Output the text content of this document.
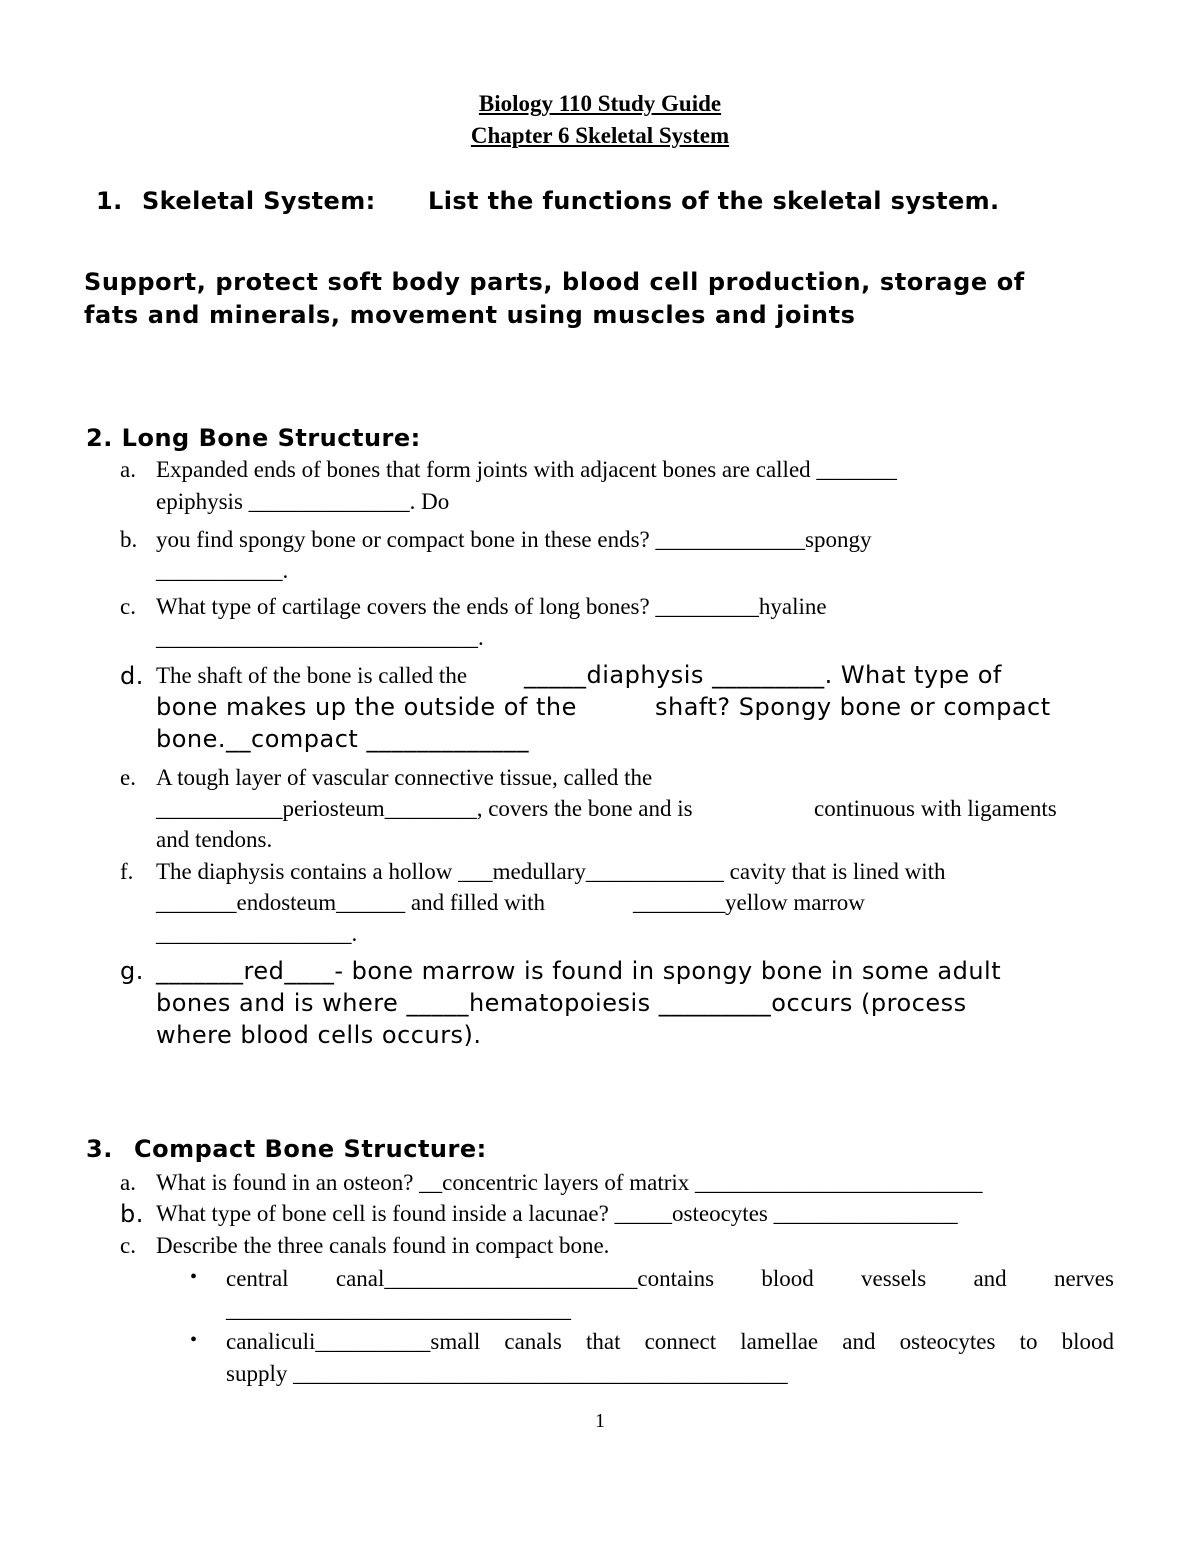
Biology 110 Study Guide
Chapter 6 Skeletal System
1. Skeletal System: List the functions of the skeletal system.
Support, protect soft body parts, blood cell production, storage of
fats and minerals, movement using muscles and joints
2. Long Bone Structure:
a. Expanded ends of bones that form joints with adjacent bones are called _______
epiphysis ______________. Do
b. you find spongy bone or compact bone in these ends? _____________spongy
___________.
c. What type of cartilage covers the ends of long bones? _________hyaline
____________________________.
d. The shaft of the bone is called the _____diaphysis _________. What type of
bone makes up the outside of the	shaft? Spongy bone or compact
bone.__compact _____________
e. A tough layer of vascular connective tissue, called the
___________periosteum________, covers the bone and is	continuous with ligaments
and tendons.
f. The diaphysis contains a hollow ___medullary____________ cavity that is lined with
_______endosteum______ and filled with	________yellow marrow
_________________.
g. _______red____- bone marrow is found in spongy bone in some adult
bones and is where _____hematopoiesis _________occurs (process
where blood cells occurs).
3. Compact Bone Structure:
a. What is found in an osteon? __concentric layers of matrix _________________________
b. What type of bone cell is found inside a lacunae? _____osteocytes ________________
c. Describe the three canals found in compact bone.
• central canal______________________contains blood vessels and nerves
______________________________
• canaliculi__________small canals that connect lamellae and osteocytes to blood
supply ___________________________________________
1
